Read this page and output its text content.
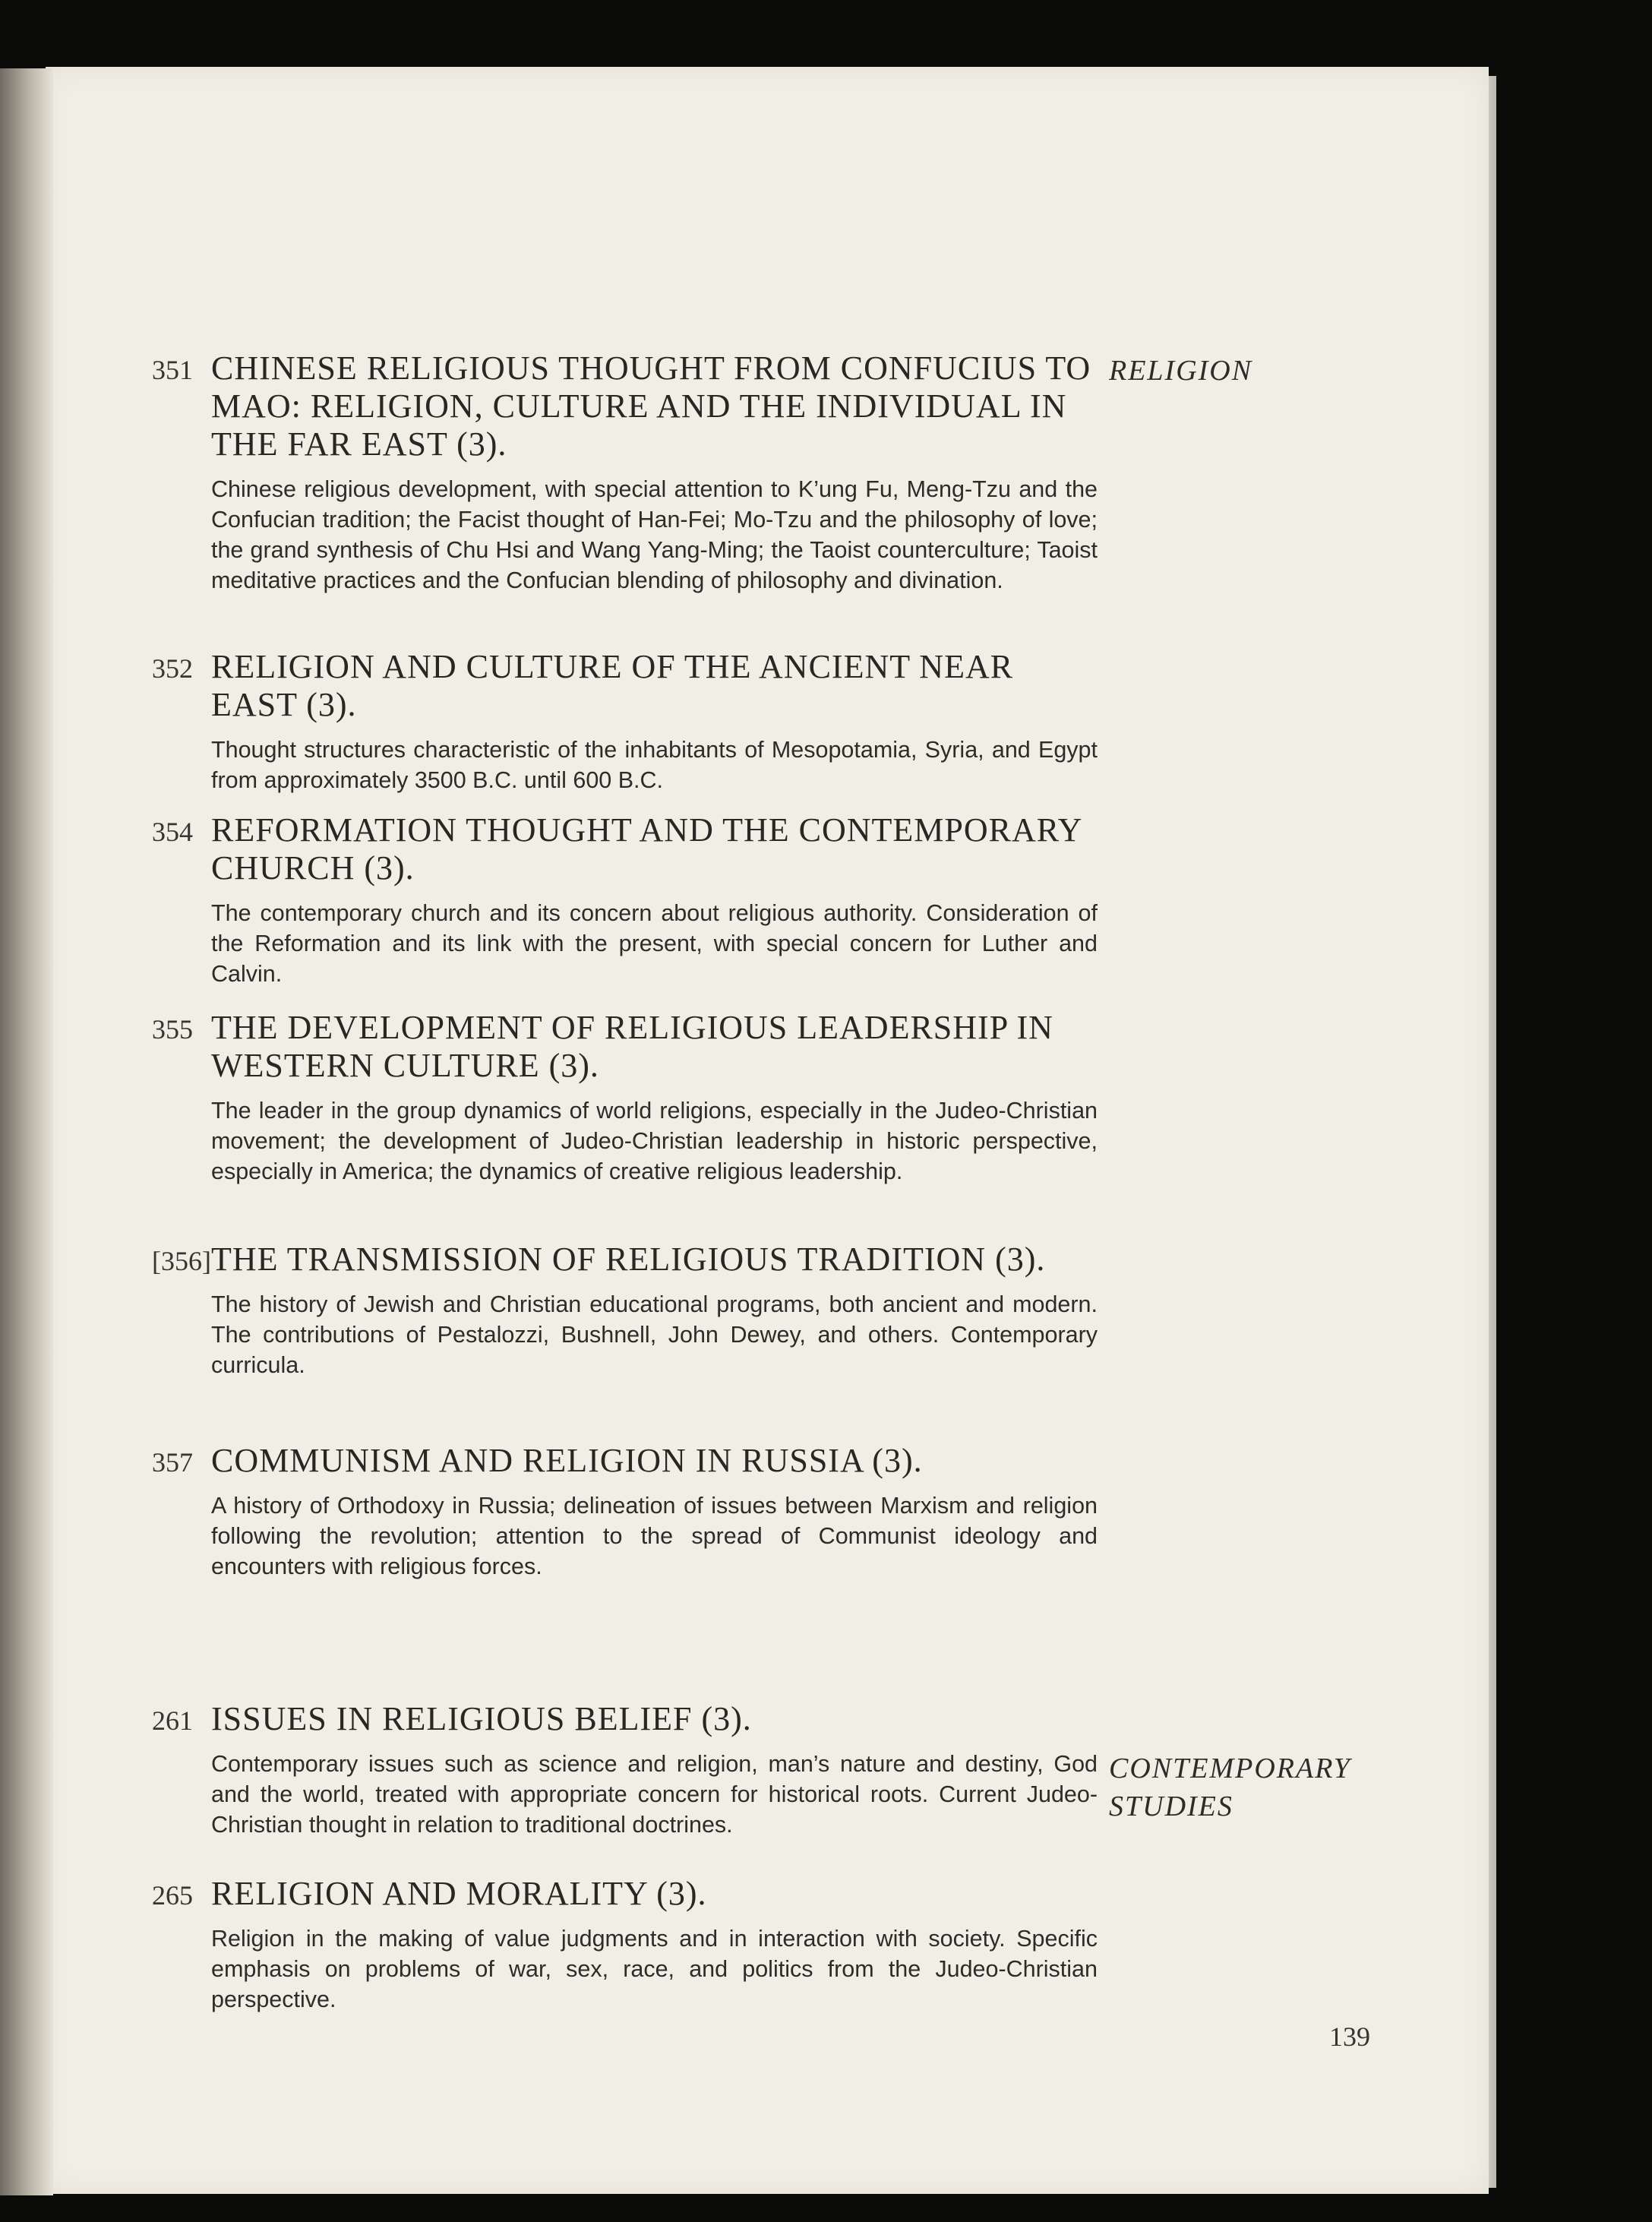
RELIGION
CONTEMPORARY
STUDIES
351 CHINESE RELIGIOUS THOUGHT FROM CONFUCIUS TO MAO: RELIGION, CULTURE AND THE INDIVIDUAL IN THE FAR EAST (3).
Chinese religious development, with special attention to K’ung Fu, Meng-Tzu and the Confucian tradition; the Facist thought of Han-Fei; Mo-Tzu and the philosophy of love; the grand synthesis of Chu Hsi and Wang Yang-Ming; the Taoist counterculture; Taoist meditative practices and the Confucian blending of philosophy and divination.
352 RELIGION AND CULTURE OF THE ANCIENT NEAR EAST (3).
Thought structures characteristic of the inhabitants of Mesopotamia, Syria, and Egypt from approximately 3500 B.C. until 600 B.C.
354 REFORMATION THOUGHT AND THE CONTEMPORARY CHURCH (3).
The contemporary church and its concern about religious authority. Consideration of the Reformation and its link with the present, with special concern for Luther and Calvin.
355 THE DEVELOPMENT OF RELIGIOUS LEADERSHIP IN WESTERN CULTURE (3).
The leader in the group dynamics of world religions, especially in the Judeo-Christian movement; the development of Judeo-Christian leadership in historic perspective, especially in America; the dynamics of creative religious leadership.
[356] THE TRANSMISSION OF RELIGIOUS TRADITION (3).
The history of Jewish and Christian educational programs, both ancient and modern. The contributions of Pestalozzi, Bushnell, John Dewey, and others. Contemporary curricula.
357 COMMUNISM AND RELIGION IN RUSSIA (3).
A history of Orthodoxy in Russia; delineation of issues between Marxism and religion following the revolution; attention to the spread of Communist ideology and encounters with religious forces.
261 ISSUES IN RELIGIOUS BELIEF (3).
Contemporary issues such as science and religion, man’s nature and destiny, God and the world, treated with appropriate concern for historical roots. Current Judeo-Christian thought in relation to traditional doctrines.
265 RELIGION AND MORALITY (3).
Religion in the making of value judgments and in interaction with society. Specific emphasis on problems of war, sex, race, and politics from the Judeo-Christian perspective.
139
